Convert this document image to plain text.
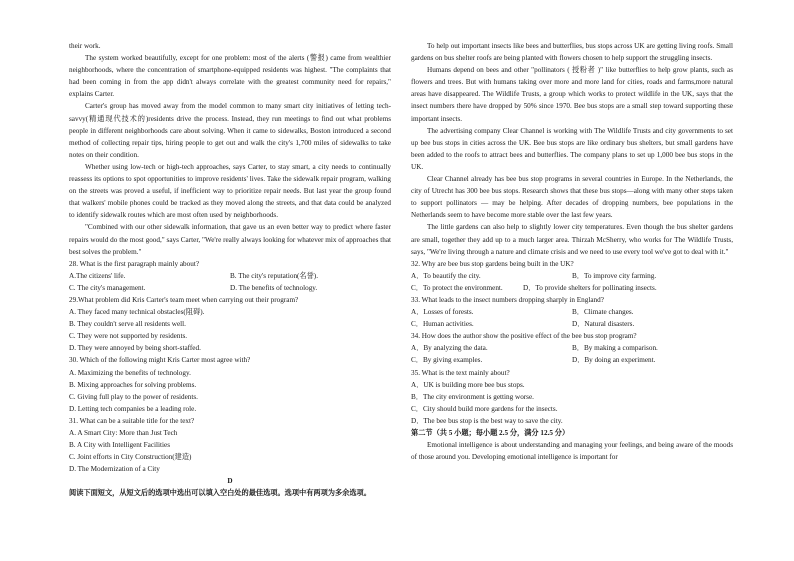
their work.

The system worked beautifully, except for one problem: most of the alerts (警报) came from wealthier neighborhoods, where the concentration of smartphone-equipped residents was highest. "The complaints that had been coming in from the app didn't always correlate with the greatest community need for repairs," explains Carter.

Carter's group has moved away from the model common to many smart city initiatives of letting tech-savvy(精通现代技术的)residents drive the process. Instead, they run meetings to find out what problems people in different neighborhoods care about solving. When it came to sidewalks, Boston introduced a second method of collecting repair tips, hiring people to get out and walk the city's 1,700 miles of sidewalks to take notes on their condition.

Whether using low-tech or high-tech approaches, says Carter, to stay smart, a city needs to continually reassess its options to spot opportunities to improve residents' lives. Take the sidewalk repair program, walking on the streets was proved a useful, if inefficient way to prioritize repair needs. But last year the group found that walkers' mobile phones could be tracked as they moved along the streets, and that data could be analyzed to identify sidewalk routes which are most often used by neighborhoods.

"Combined with our other sidewalk information, that gave us an even better way to predict where faster repairs would do the most good," says Carter, "We're really always looking for whatever mix of approaches that best solves the problem."

28. What is the first paragraph mainly about?

A.The citizens' life.	B. The city's reputation(名誉).
C. The city's management.	D. The benefits of technology.

29.What problem did Kris Carter's team meet when carrying out their program?

A. They faced many technical obstacles(阻碍).

B. They couldn't serve all residents well.

C. They were not supported by residents.

D. They were annoyed by being short-staffed.

30. Which of the following might Kris Carter most agree with?

A. Maximizing the benefits of technology.

B. Mixing approaches for solving problems.

C. Giving full play to the power of residents.

D. Letting tech companies be a leading role.

31. What can be a suitable title for the text?

A. A Smart City: More than Just Tech

B. A City with Intelligent Facilities

C. Joint efforts in City Construction(建造)

D. The Modernization of a City

D

阅读下面短文，从短文后的选项中选出可以填入空白处的最佳选项。选项中有两项为多余选项。

To help out important insects like bees and butterflies, bus stops across UK are getting living roofs. Small gardens on bus shelter roofs are being planted with flowers chosen to help support the struggling insects.

Humans depend on bees and other "pollinators ( 授粉者 )" like butterflies to help grow plants, such as flowers and trees. But with humans taking over more and more land for cities, roads and farms,more natural areas have disappeared. The Wildlife Trusts, a group which works to protect wildlife in the UK, says that the insect numbers there have dropped by 50% since 1970. Bee bus stops are a small step toward supporting these important insects.

The advertising company Clear Channel is working with The Wildlife Trusts and city governments to set up bee bus stops in cities across the UK. Bee bus stops are like ordinary bus shelters, but small gardens have been added to the roofs to attract bees and butterflies. The company plans to set up 1,000 bee bus stops in the UK.

Clear Channel already has bee bus stop programs in several countries in Europe. In the Netherlands, the city of Utrecht has 300 bee bus stops. Research shows that these bus stops—along with many other steps taken to support pollinators — may be helping. After decades of dropping numbers, bee populations in the Netherlands seem to have become more stable over the last few years.

The little gardens can also help to slightly lower city temperatures. Even though the bus shelter gardens are small, together they add up to a much larger area. Thirzah McSherry, who works for The Wildlife Trusts, says, "We're living through a nature and climate crisis and we need to use every tool we've got to deal with it."

32. Why are bee bus stop gardens being built in the UK?

A．To beautify the city.	B．To improve city farming.
C．To protect the environment.	D．To provide shelters for pollinating insects.

33. What leads to the insect numbers dropping sharply in England?

A．Losses of forests.	B．Climate changes.
C．Human activities.	D．Natural disasters.

34. How does the author show the positive effect of the bee bus stop program?

A．By analyzing the data.	B．By making a comparison.
C．By giving examples.	D．By doing an experiment.

35. What is the text mainly about?

A．UK is building more bee bus stops.

B．The city environment is getting worse.

C．City should build more gardens for the insects.

D．The bee bus stop is the best way to save the city.

第二节（共 5 小题；每小题 2.5 分，满分 12.5 分）

Emotional intelligence is about understanding and managing your feelings, and being aware of the moods of those around you. Developing emotional intelligence is important for
